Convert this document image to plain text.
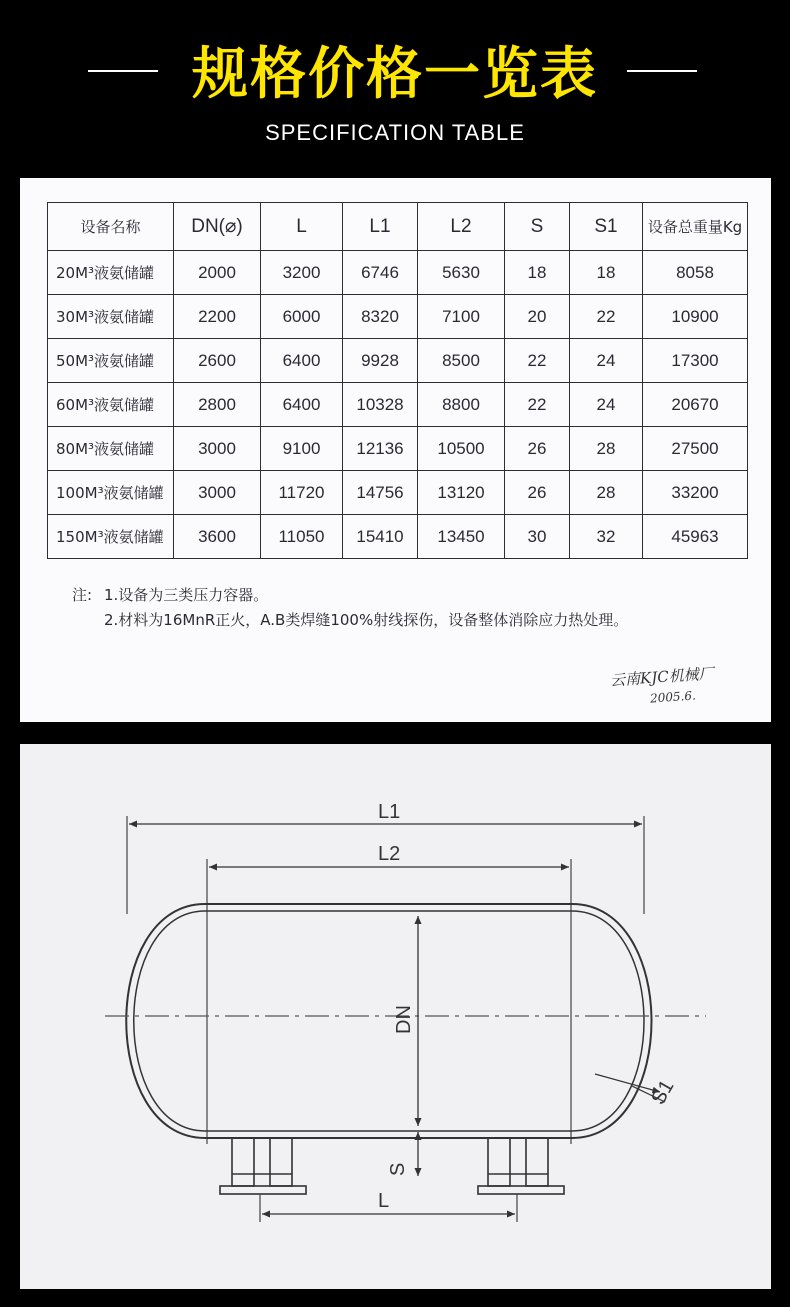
规格价格一览表
SPECIFICATION TABLE
设备名称	DN(⌀)	L	L1	L2	S	S1	设备总重量Kg
20M³液氨储罐	2000	3200	6746	5630	18	18	8058
30M³液氨储罐	2200	6000	8320	7100	20	22	10900
50M³液氨储罐	2600	6400	9928	8500	22	24	17300
60M³液氨储罐	2800	6400	10328	8800	22	24	20670
80M³液氨储罐	3000	9100	12136	10500	26	28	27500
100M³液氨储罐	3000	11720	14756	13120	26	28	33200
150M³液氨储罐	3600	11050	15410	13450	30	32	45963
注: 1.设备为三类压力容器。
2.材料为16MnR正火，A.B类焊缝100%射线探伤，设备整体消除应力热处理。
云南KJC机械厂
2005.6.
L1
L2
DN
S1
S
L
